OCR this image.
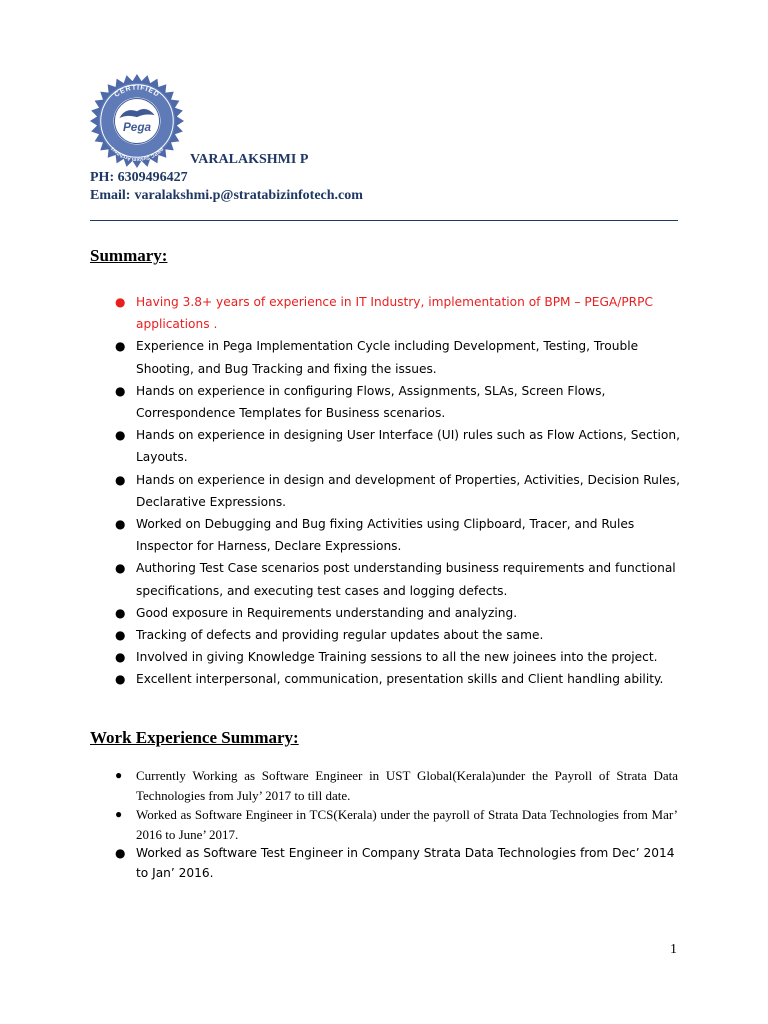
Pega
CERTIFIED
PRPC System Architect
VARALAKSHMI P
PH: 6309496427
Email: varalakshmi.p@stratabizinfotech.com
Summary:
● Having 3.8+ years of experience in IT Industry, implementation of BPM – PEGA/PRPC applications .
● Experience in Pega Implementation Cycle including Development, Testing, Trouble Shooting, and Bug Tracking and fixing the issues.
● Hands on experience in configuring Flows, Assignments, SLAs, Screen Flows, Correspondence Templates for Business scenarios.
● Hands on experience in designing User Interface (UI) rules such as Flow Actions, Section, Layouts.
● Hands on experience in design and development of Properties, Activities, Decision Rules, Declarative Expressions.
● Worked on Debugging and Bug fixing Activities using Clipboard, Tracer, and Rules Inspector for Harness, Declare Expressions.
● Authoring Test Case scenarios post understanding business requirements and functional specifications, and executing test cases and logging defects.
● Good exposure in Requirements understanding and analyzing.
● Tracking of defects and providing regular updates about the same.
● Involved in giving Knowledge Training sessions to all the new joinees into the project.
● Excellent interpersonal, communication, presentation skills and Client handling ability.
Work Experience Summary:
● Currently Working as Software Engineer in UST Global(Kerala)under the Payroll of Strata Data Technologies from July’ 2017 to till date.
● Worked as Software Engineer in TCS(Kerala) under the payroll of Strata Data Technologies from Mar’ 2016 to June’ 2017.
● Worked as Software Test Engineer in Company Strata Data Technologies from Dec’ 2014 to Jan’ 2016.
1
